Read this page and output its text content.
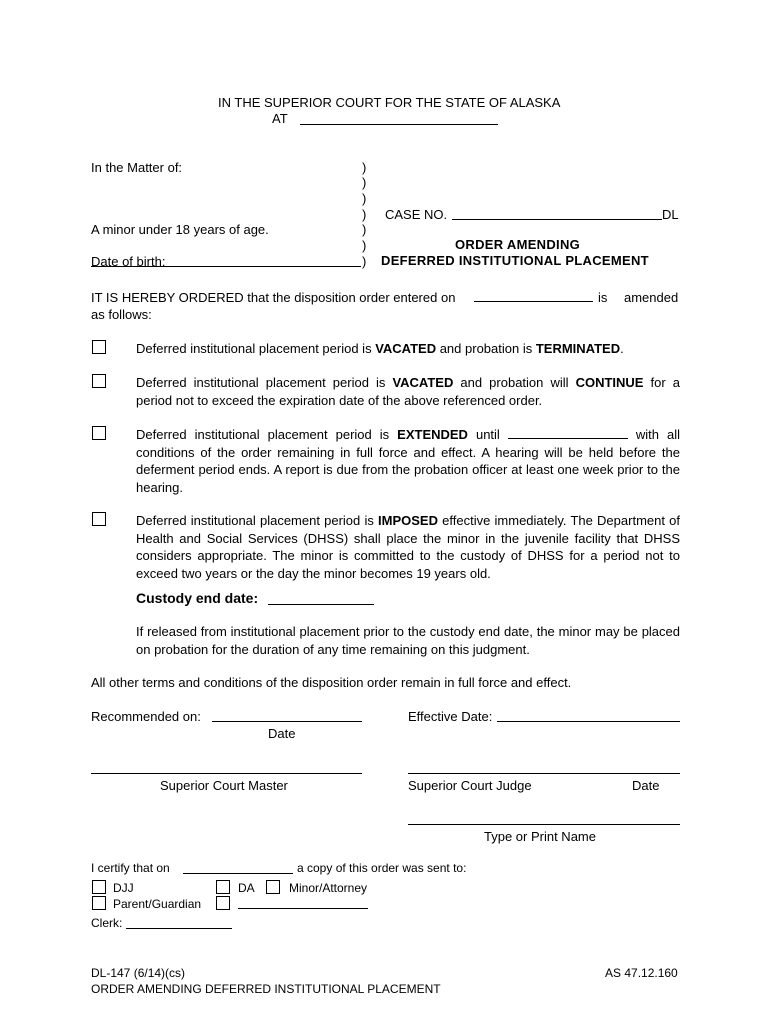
IN THE SUPERIOR COURT FOR THE STATE OF ALASKA
AT
In the Matter of:
A minor under 18 years of age.
Date of birth:
)
)
)
)
)
)
)
CASE NO.	DL
ORDER AMENDING
DEFERRED INSTITUTIONAL PLACEMENT
IT IS HEREBY ORDERED that the disposition order entered on	is amended
as follows:
Deferred institutional placement period is VACATED and probation is TERMINATED.
Deferred institutional placement period is VACATED and probation will CONTINUE for a period not to exceed the expiration date of the above referenced order.
Deferred institutional placement period is EXTENDED until	with all conditions of the order remaining in full force and effect. A hearing will be held before the deferment period ends. A report is due from the probation officer at least one week prior to the hearing.
Deferred institutional placement period is IMPOSED effective immediately. The Department of Health and Social Services (DHSS) shall place the minor in the juvenile facility that DHSS considers appropriate. The minor is committed to the custody of DHSS for a period not to exceed two years or the day the minor becomes 19 years old.
Custody end date:
If released from institutional placement prior to the custody end date, the minor may be placed on probation for the duration of any time remaining on this judgment.
All other terms and conditions of the disposition order remain in full force and effect.
Recommended on:
Date
Effective Date:
Superior Court Master	Superior Court Judge	Date
Type or Print Name
I certify that on	a copy of this order was sent to:
DJJ	DA	Minor/Attorney
Parent/Guardian
Clerk:
DL-147 (6/14)(cs)	AS 47.12.160
ORDER AMENDING DEFERRED INSTITUTIONAL PLACEMENT
